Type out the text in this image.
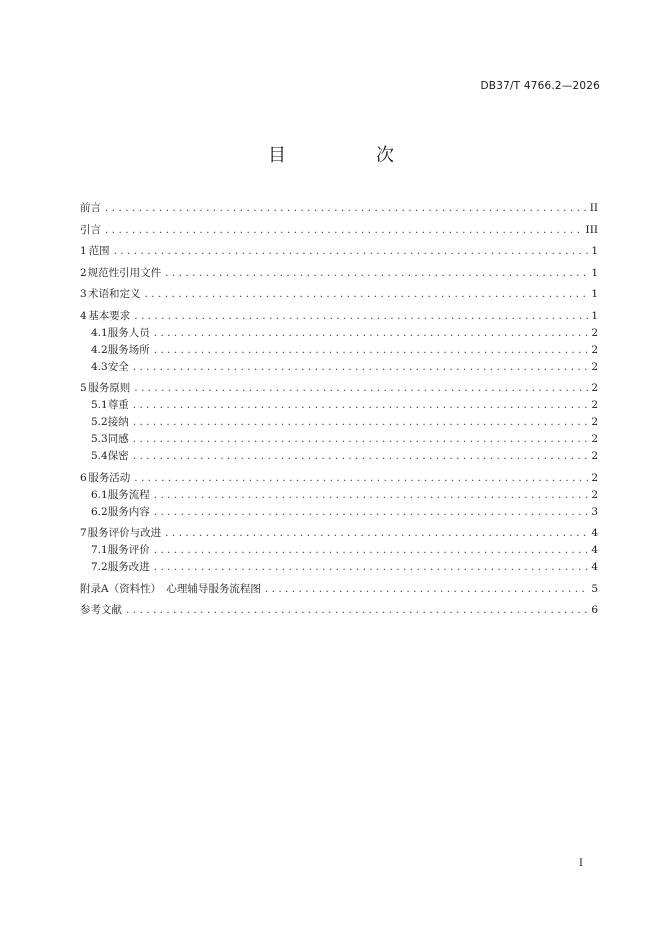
DB37/T 4766.2—2026
目　次
前言 .....	II
引言 .....	III
1 范围 .....	1
2 规范性引用文件 .....	1
3 术语和定义 .....	1
4 基本要求 .....	1
4.1 服务人员 .....	2
4.2 服务场所 .....	2
4.3 安全 .....	2
5 服务原则 .....	2
5.1 尊重 .....	2
5.2 接纳 .....	2
5.3 同感 .....	2
5.4 保密 .....	2
6 服务活动 .....	2
6.1 服务流程 .....	2
6.2 服务内容 .....	3
7 服务评价与改进 .....	4
7.1 服务评价 .....	4
7.2 服务改进 .....	4
附录A（资料性）　心理辅导服务流程图 .....	5
参考文献 .....	6
I
